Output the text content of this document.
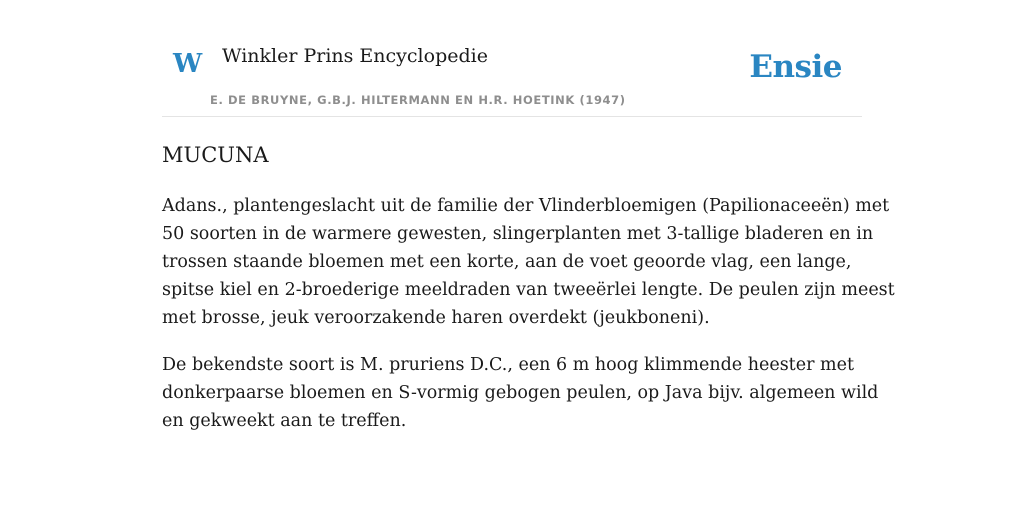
W Winkler Prins Encyclopedie
E. DE BRUYNE, G.B.J. HILTERMANN EN H.R. HOETINK (1947)
Ensie
MUCUNA

Adans., plantengeslacht uit de familie der Vlinderbloemigen (Papilionaceeën) met
50 soorten in de warmere gewesten, slingerplanten met 3-tallige bladeren en in
trossen staande bloemen met een korte, aan de voet geoorde vlag, een lange,
spitse kiel en 2-broederige meeldraden van tweeërlei lengte. De peulen zijn meest
met brosse, jeuk veroorzakende haren overdekt (jeukboneni).

De bekendste soort is M. pruriens D.C., een 6 m hoog klimmende heester met
donkerpaarse bloemen en S-vormig gebogen peulen, op Java bijv. algemeen wild
en gekweekt aan te treffen.
